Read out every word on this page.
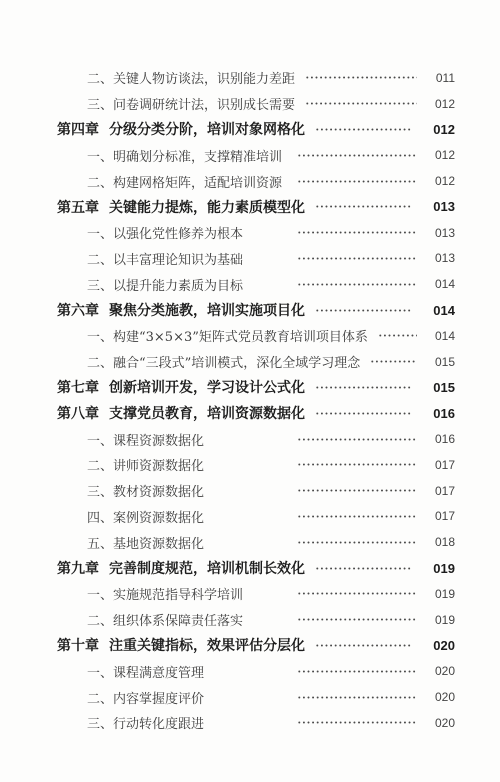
二、关键人物访谈法，识别能力差距	011
三、问卷调研统计法，识别成长需要	012
第四章 分级分类分阶，培训对象网格化	012
一、明确划分标准，支撑精准培训	012
二、构建网格矩阵，适配培训资源	012
第五章 关键能力提炼，能力素质模型化	013
一、以强化党性修养为根本	013
二、以丰富理论知识为基础	013
三、以提升能力素质为目标	014
第六章 聚焦分类施教，培训实施项目化	014
一、构建“3×5×3”矩阵式党员教育培训项目体系	014
二、融合“三段式”培训模式，深化全域学习理念	015
第七章 创新培训开发，学习设计公式化	015
第八章 支撑党员教育，培训资源数据化	016
一、课程资源数据化	016
二、讲师资源数据化	017
三、教材资源数据化	017
四、案例资源数据化	017
五、基地资源数据化	018
第九章 完善制度规范，培训机制长效化	019
一、实施规范指导科学培训	019
二、组织体系保障责任落实	019
第十章 注重关键指标，效果评估分层化	020
一、课程满意度管理	020
二、内容掌握度评价	020
三、行动转化度跟进	020
